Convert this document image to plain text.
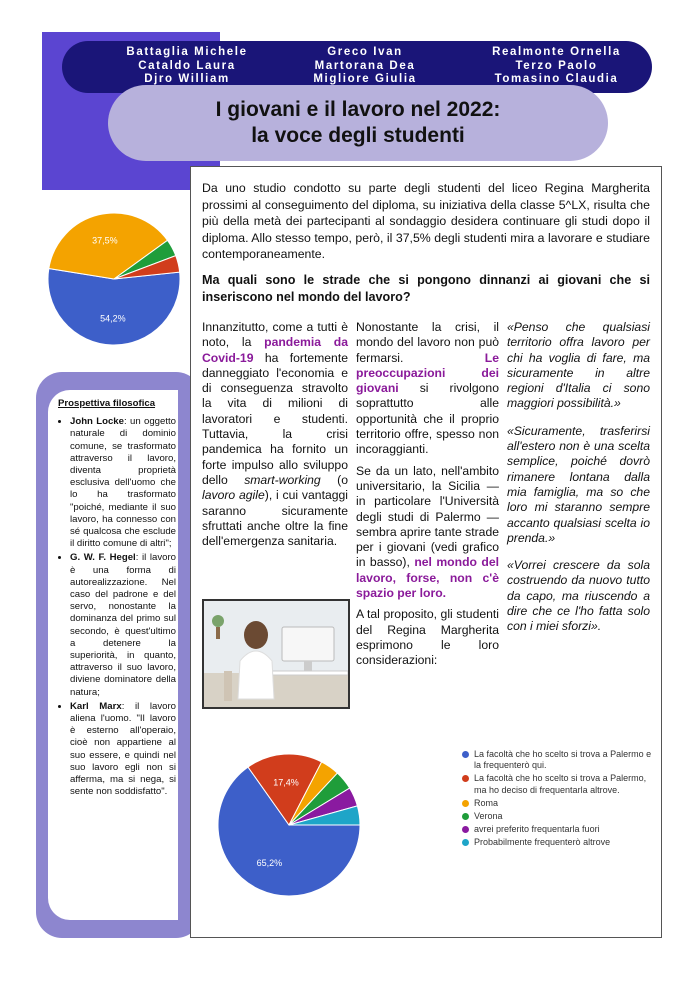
Battaglia Michele
Cataldo Laura
Djro William
Greco Ivan
Martorana Dea
Migliore Giulia
Realmonte Ornella
Terzo Paolo
Tomasino Claudia
I giovani e il lavoro nel 2022:
la voce degli studenti
54,2%
37,5%
Prospettiva filosofica
• John Locke: un oggetto naturale di dominio comune, se trasformato attraverso il lavoro, diventa proprietà esclusiva dell'uomo che lo ha trasformato "poiché, mediante il suo lavoro, ha connesso con sé qualcosa che esclude il diritto comune di altri";
• G. W. F. Hegel: il lavoro è una forma di autorealizzazione. Nel caso del padrone e del servo, nonostante la dominanza del primo sul secondo, è quest'ultimo a detenere la superiorità, in quanto, attraverso il suo lavoro, diviene dominatore della natura;
• Karl Marx: il lavoro aliena l'uomo. "Il lavoro è esterno all'operaio, cioè non appartiene al suo essere, e quindi nel suo lavoro egli non si afferma, ma si nega, si sente non soddisfatto".
Da uno studio condotto su parte degli studenti del liceo Regina Margherita prossimi al conseguimento del diploma, su iniziativa della classe 5^LX, risulta che più della metà dei partecipanti al sondaggio desidera continuare gli studi dopo il diploma. Allo stesso tempo, però, il 37,5% degli studenti mira a lavorare e studiare contemporaneamente.
Ma quali sono le strade che si pongono dinnanzi ai giovani che si inseriscono nel mondo del lavoro?

Innanzitutto, come a tutti è noto, la pandemia da Covid-19 ha fortemente danneggiato l'economia e di conseguenza stravolto la vita di milioni di lavoratori e studenti. Tuttavia, la crisi pandemica ha fornito un forte impulso allo sviluppo dello smart-working (o lavoro agile), i cui vantaggi saranno sicuramente sfruttati anche oltre la fine dell'emergenza sanitaria.

Nonostante la crisi, il mondo del lavoro non può fermarsi. Le preoccupazioni dei giovani si rivolgono soprattutto alle opportunità che il proprio territorio offre, spesso non incoraggianti.

Se da un lato, nell'ambito universitario, la Sicilia — in particolare l'Università degli studi di Palermo — sembra aprire tante strade per i giovani (vedi grafico in basso), nel mondo del lavoro, forse, non c'è spazio per loro.

A tal proposito, gli studenti del Regina Margherita esprimono le loro considerazioni:

«Penso che qualsiasi territorio offra lavoro per chi ha voglia di fare, ma sicuramente in altre regioni d'Italia ci sono maggiori possibilità.»

«Sicuramente, trasferirsi all'estero non è una scelta semplice, poiché dovrò rimanere lontana dalla mia famiglia, ma so che loro mi staranno sempre accanto qualsiasi scelta io prenda.»

«Vorrei crescere da sola costruendo da nuovo tutto da capo, ma riuscendo a dire che ce l'ho fatta solo con i miei sforzi».

65,2%
17,4%
La facoltà che ho scelto si trova a Palermo e la frequenterò qui.
La facoltà che ho scelto si trova a Palermo, ma ho deciso di frequentarla altrove.
Roma
Verona
avrei preferito frequentarla fuori
Probabilmente frequenterò altrove
